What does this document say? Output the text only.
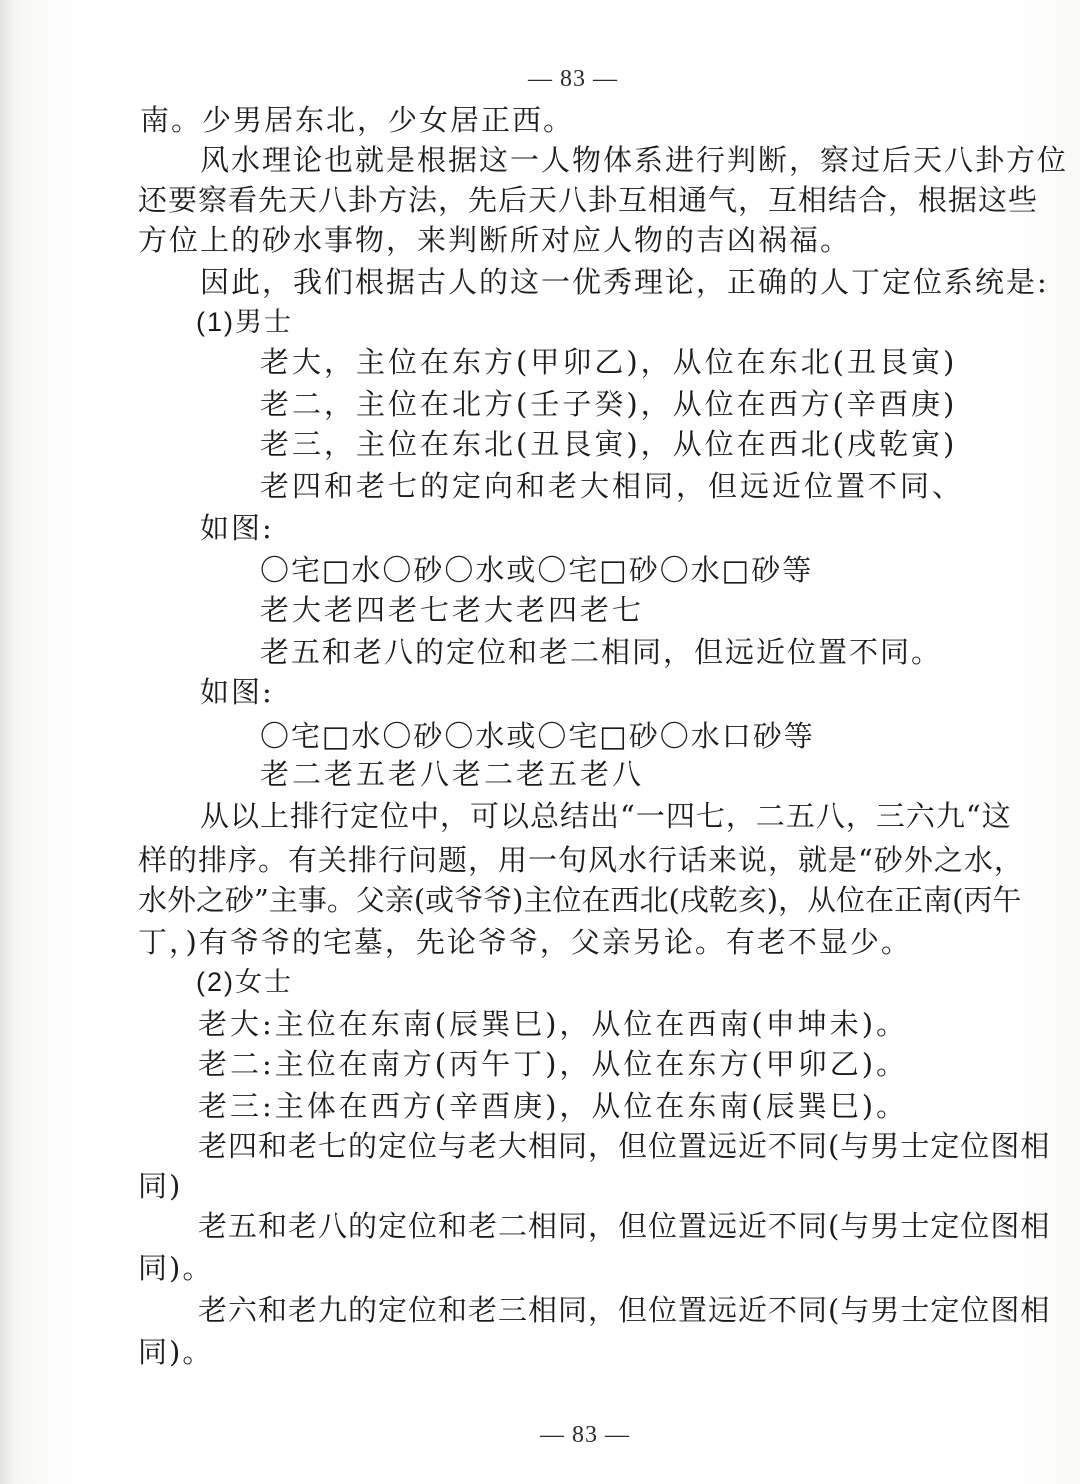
— 83 —
南。少男居东北，少女居正西。
风水理论也就是根据这一人物体系进行判断，察过后天八卦方位
还要察看先天八卦方法，先后天八卦互相通气，互相结合，根据这些
方位上的砂水事物，来判断所对应人物的吉凶祸福。
因此，我们根据古人的这一优秀理论，正确的人丁定位系统是:
(1)男士
老大，主位在东方(甲卯乙)，从位在东北(丑艮寅)
老二，主位在北方(壬子癸)，从位在西方(辛酉庚)
老三，主位在东北(丑艮寅)，从位在西北(戌乾寅)
老四和老七的定向和老大相同，但远近位置不同、
如图:
〇宅□水〇砂〇水或〇宅□砂〇水□砂等
老大老四老七老大老四老七
老五和老八的定位和老二相同，但远近位置不同。
如图:
〇宅□水〇砂〇水或〇宅□砂〇水口砂等
老二老五老八老二老五老八
从以上排行定位中，可以总结出“一四七，二五八，三六九“这
样的排序。有关排行问题，用一句风水行话来说，就是“砂外之水，
水外之砂”主事。父亲(或爷爷)主位在西北(戌乾亥)，从位在正南(丙午
丁，)有爷爷的宅墓，先论爷爷，父亲另论。有老不显少。
(2)女士
老大:主位在东南(辰巽巳)，从位在西南(申坤未)。
老二:主位在南方(丙午丁)，从位在东方(甲卯乙)。
老三:主体在西方(辛酉庚)，从位在东南(辰巽巳)。
老四和老七的定位与老大相同，但位置远近不同(与男士定位图相
同)
老五和老八的定位和老二相同，但位置远近不同(与男士定位图相
同)。
老六和老九的定位和老三相同，但位置远近不同(与男士定位图相
同)。
— 83 —
